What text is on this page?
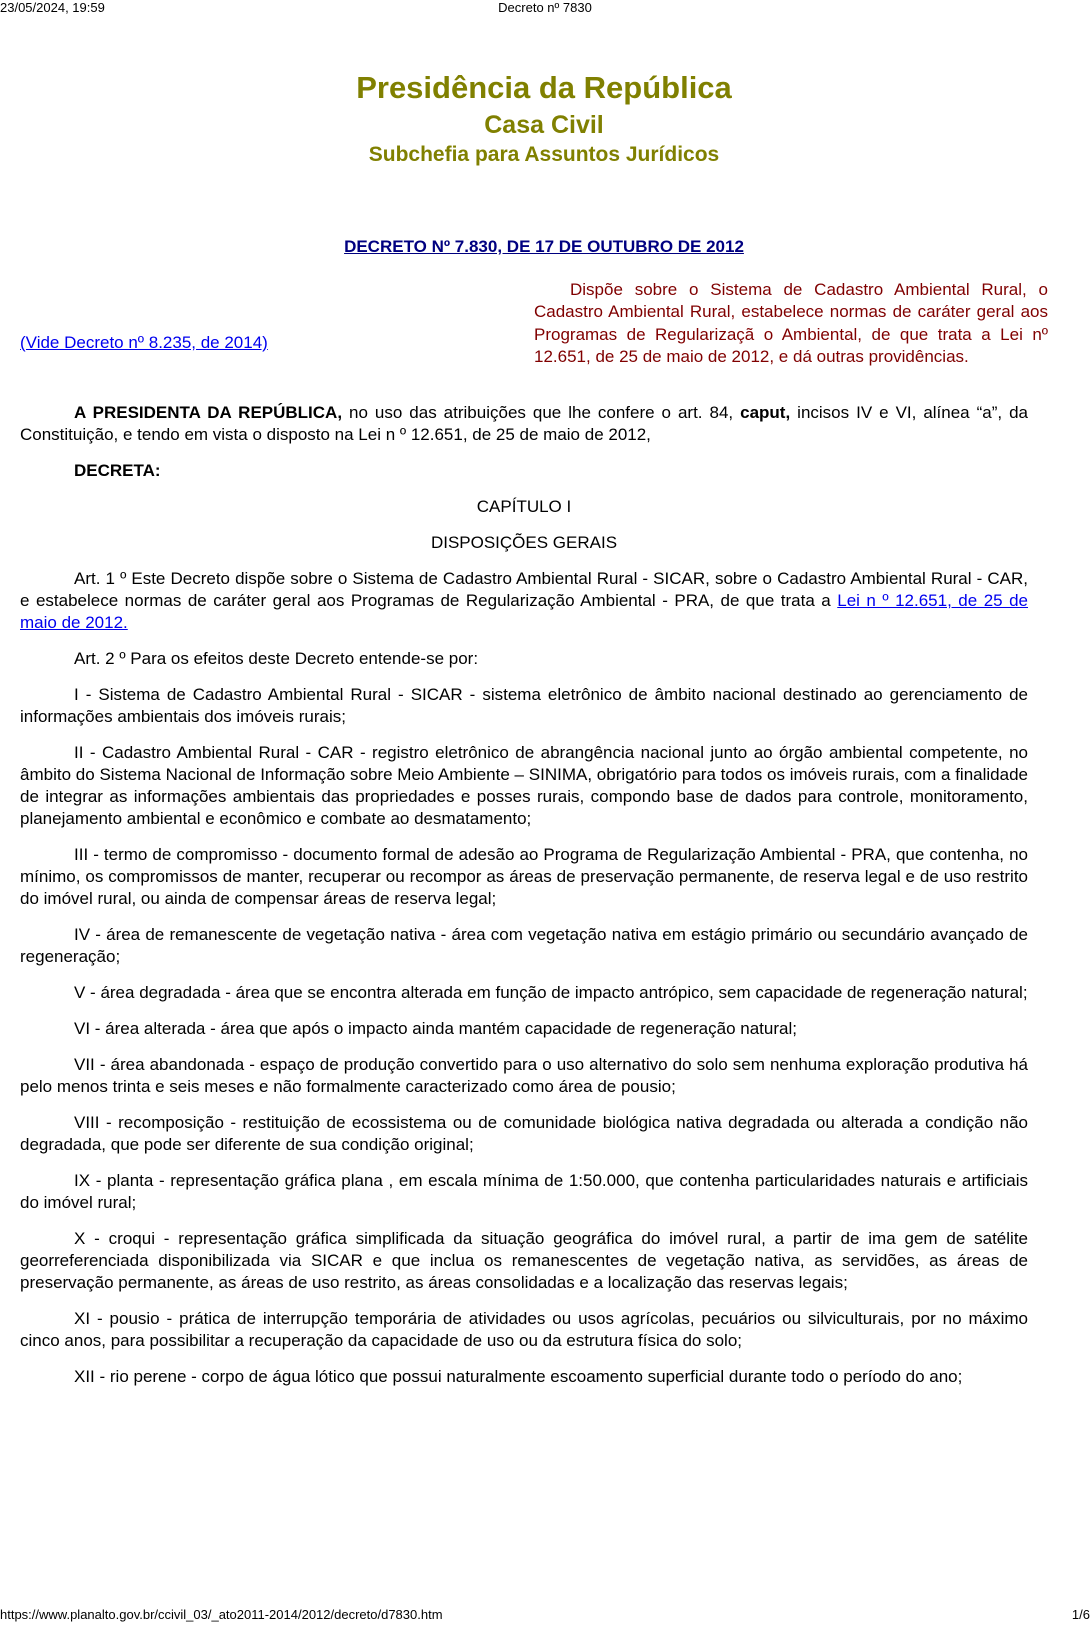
23/05/2024, 19:59	Decreto nº 7830
Presidência da República
Casa Civil
Subchefia para Assuntos Jurídicos
DECRETO Nº 7.830, DE 17 DE OUTUBRO DE 2012
(Vide Decreto nº 8.235, de 2014)
Dispõe sobre o Sistema de Cadastro Ambiental Rural, o Cadastro Ambiental Rural, estabelece normas de caráter geral aos Programas de Regularizaçã o Ambiental, de que trata a Lei nº 12.651, de 25 de maio de 2012, e dá outras providências.

A PRESIDENTA DA REPÚBLICA, no uso das atribuições que lhe confere o art. 84, caput, incisos IV e VI, alínea “a”, da Constituição, e tendo em vista o disposto na Lei n º 12.651, de 25 de maio de 2012,

DECRETA:

CAPÍTULO I

DISPOSIÇÕES GERAIS

Art. 1 º Este Decreto dispõe sobre o Sistema de Cadastro Ambiental Rural - SICAR, sobre o Cadastro Ambiental Rural - CAR, e estabelece normas de caráter geral aos Programas de Regularização Ambiental - PRA, de que trata a Lei n º 12.651, de 25 de maio de 2012.

Art. 2 º Para os efeitos deste Decreto entende-se por:

I - Sistema de Cadastro Ambiental Rural - SICAR - sistema eletrônico de âmbito nacional destinado ao gerenciamento de informações ambientais dos imóveis rurais;

II - Cadastro Ambiental Rural - CAR - registro eletrônico de abrangência nacional junto ao órgão ambiental competente, no âmbito do Sistema Nacional de Informação sobre Meio Ambiente – SINIMA, obrigatório para todos os imóveis rurais, com a finalidade de integrar as informações ambientais das propriedades e posses rurais, compondo base de dados para controle, monitoramento, planejamento ambiental e econômico e combate ao desmatamento;

III - termo de compromisso - documento formal de adesão ao Programa de Regularização Ambiental - PRA, que contenha, no mínimo, os compromissos de manter, recuperar ou recompor as áreas de preservação permanente, de reserva legal e de uso restrito do imóvel rural, ou ainda de compensar áreas de reserva legal;

IV - área de remanescente de vegetação nativa - área com vegetação nativa em estágio primário ou secundário avançado de regeneração;

V - área degradada - área que se encontra alterada em função de impacto antrópico, sem capacidade de regeneração natural;

VI - área alterada - área que após o impacto ainda mantém capacidade de regeneração natural;

VII - área abandonada - espaço de produção convertido para o uso alternativo do solo sem nenhuma exploração produtiva há pelo menos trinta e seis meses e não formalmente caracterizado como área de pousio;

VIII - recomposição - restituição de ecossistema ou de comunidade biológica nativa degradada ou alterada a condição não degradada, que pode ser diferente de sua condição original;

IX - planta - representação gráfica plana , em escala mínima de 1:50.000, que contenha particularidades naturais e artificiais do imóvel rural;

X - croqui - representação gráfica simplificada da situação geográfica do imóvel rural, a partir de ima gem de satélite georreferenciada disponibilizada via SICAR e que inclua os remanescentes de vegetação nativa, as servidões, as áreas de preservação permanente, as áreas de uso restrito, as áreas consolidadas e a localização das reservas legais;

XI - pousio - prática de interrupção temporária de atividades ou usos agrícolas, pecuários ou silviculturais, por no máximo cinco anos, para possibilitar a recuperação da capacidade de uso ou da estrutura física do solo;

XII - rio perene - corpo de água lótico que possui naturalmente escoamento superficial durante todo o período do ano;

https://www.planalto.gov.br/ccivil_03/_ato2011-2014/2012/decreto/d7830.htm	1/6
